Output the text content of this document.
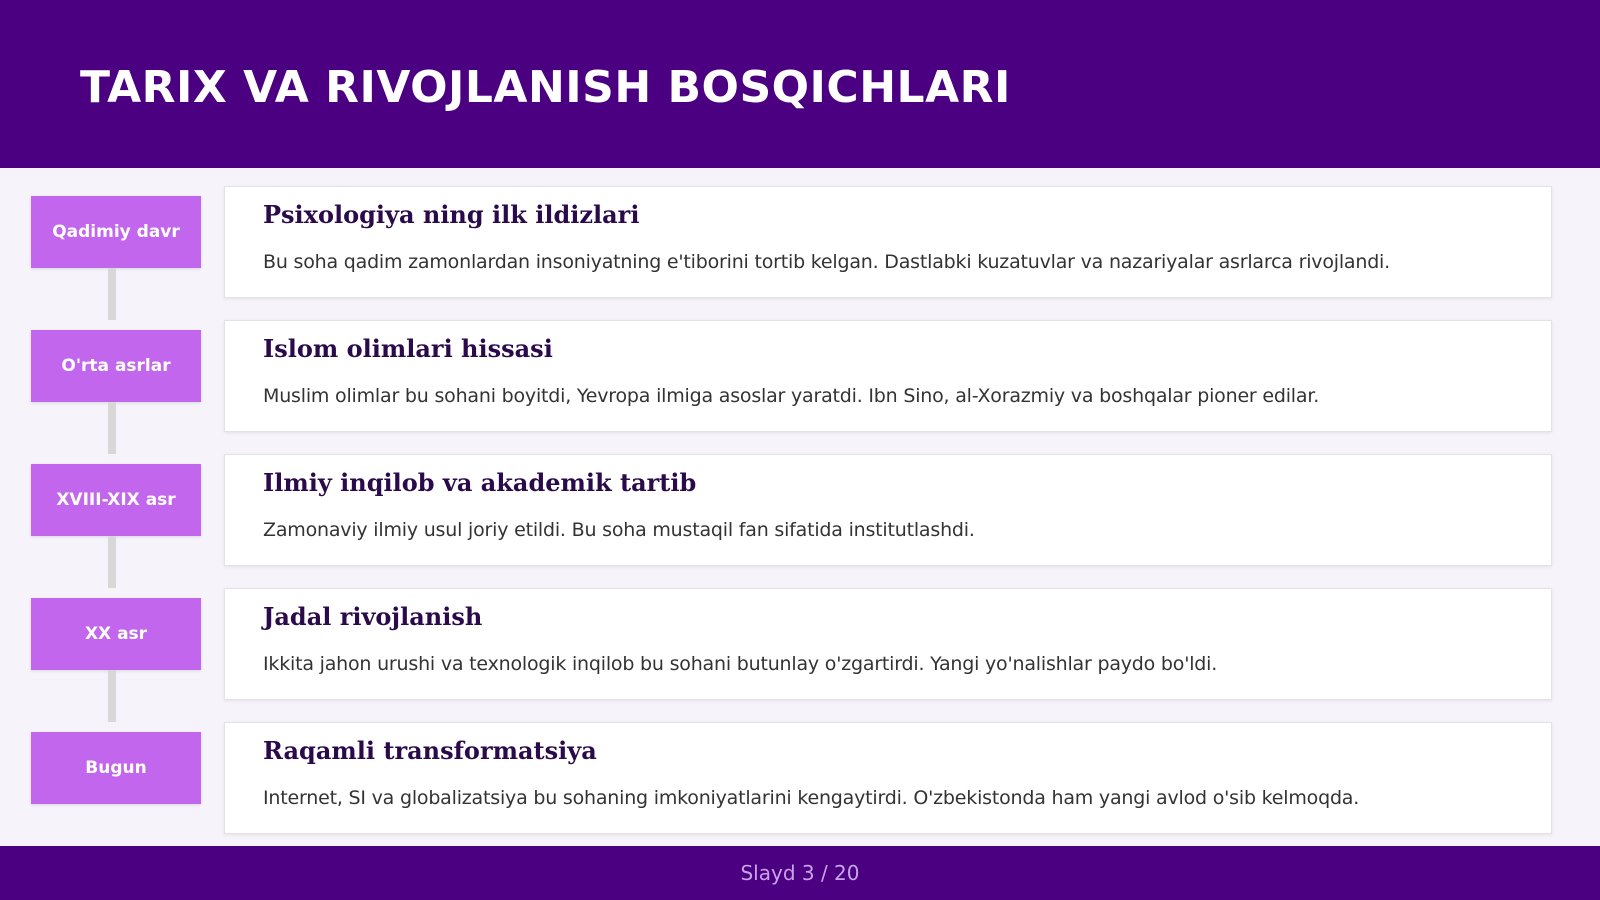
TARIX VA RIVOJLANISH BOSQICHLARI
Qadimiy davr
Psixologiya ning ilk ildizlari

Bu soha qadim zamonlardan insoniyatning e'tiborini tortib kelgan. Dastlabki kuzatuvlar va nazariyalar asrlarca rivojlandi.

O'rta asrlar
Islom olimlari hissasi

Muslim olimlar bu sohani boyitdi, Yevropa ilmiga asoslar yaratdi. Ibn Sino, al-Xorazmiy va boshqalar pioner edilar.

XVIII-XIX asr
Ilmiy inqilob va akademik tartib

Zamonaviy ilmiy usul joriy etildi. Bu soha mustaqil fan sifatida institutlashdi.

XX asr
Jadal rivojlanish

Ikkita jahon urushi va texnologik inqilob bu sohani butunlay o'zgartirdi. Yangi yo'nalishlar paydo bo'ldi.

Bugun
Raqamli transformatsiya

Internet, SI va globalizatsiya bu sohaning imkoniyatlarini kengaytirdi. O'zbekistonda ham yangi avlod o'sib kelmoqda.

Slayd 3 / 20
